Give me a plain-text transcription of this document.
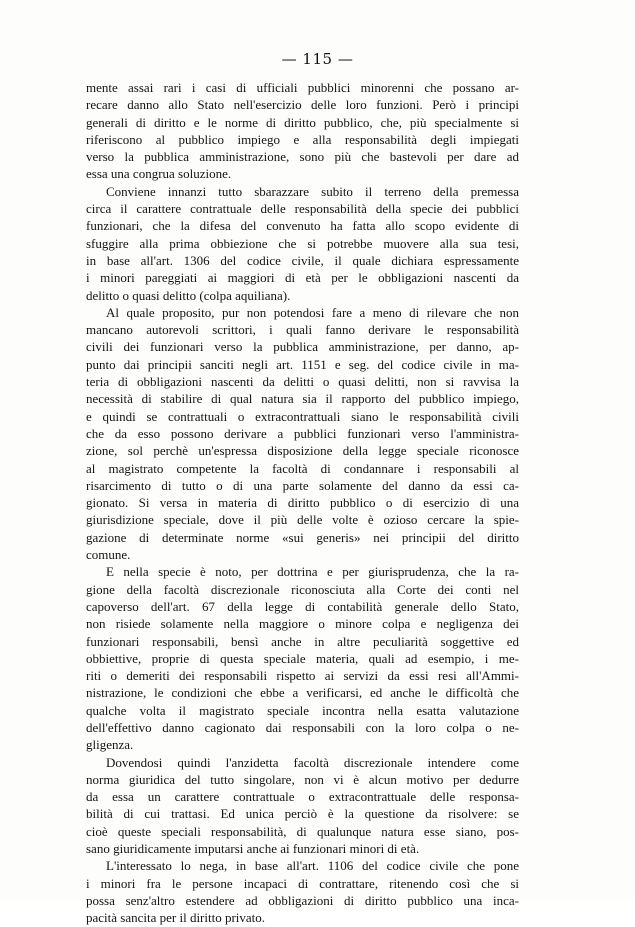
— 115 —
mente assai rari i casi di ufficiali pubblici minorenni che possano ar-
recare danno allo Stato nell'esercizio delle loro funzioni. Però i principi
generali di diritto e le norme di diritto pubblico, che, più specialmente si
riferiscono al pubblico impiego e alla responsabilità degli impiegati
verso la pubblica amministrazione, sono più che bastevoli per dare ad
essa una congrua soluzione.
Conviene innanzi tutto sbarazzare subito il terreno della premessa
circa il carattere contrattuale delle responsabilità della specie dei pubblici
funzionari, che la difesa del convenuto ha fatta allo scopo evidente di
sfuggire alla prima obbiezione che si potrebbe muovere alla sua tesi,
in base all'art. 1306 del codice civile, il quale dichiara espressamente
i minori pareggiati ai maggiori di età per le obbligazioni nascenti da
delitto o quasi delitto (colpa aquiliana).
Al quale proposito, pur non potendosi fare a meno di rilevare che non
mancano autorevoli scrittori, i quali fanno derivare le responsabilità
civili dei funzionari verso la pubblica amministrazione, per danno, ap-
punto dai principii sanciti negli art. 1151 e seg. del codice civile in ma-
teria di obbligazioni nascenti da delitti o quasi delitti, non si ravvisa la
necessità di stabilire di qual natura sia il rapporto del pubblico impiego,
e quindi se contrattuali o extracontrattuali siano le responsabilità civili
che da esso possono derivare a pubblici funzionari verso l'amministra-
zione, sol perchè un'espressa disposizione della legge speciale riconosce
al magistrato competente la facoltà di condannare i responsabili al
risarcimento di tutto o di una parte solamente del danno da essi ca-
gionato. Si versa in materia di diritto pubblico o di esercizio di una
giurisdizione speciale, dove il più delle volte è ozioso cercare la spie-
gazione di determinate norme «sui generis» nei principii del diritto
comune.
E nella specie è noto, per dottrina e per giurisprudenza, che la ra-
gione della facoltà discrezionale riconosciuta alla Corte dei conti nel
capoverso dell'art. 67 della legge di contabilità generale dello Stato,
non risiede solamente nella maggiore o minore colpa e negligenza dei
funzionari responsabili, bensì anche in altre peculiarità soggettive ed
obbiettive, proprie di questa speciale materia, quali ad esempio, i me-
riti o demeriti dei responsabili rispetto ai servizi da essi resi all'Ammi-
nistrazione, le condizioni che ebbe a verificarsi, ed anche le difficoltà che
qualche volta il magistrato speciale incontra nella esatta valutazione
dell'effettivo danno cagionato dai responsabili con la loro colpa o ne-
gligenza.
Dovendosi quindi l'anzidetta facoltà discrezionale intendere come
norma giuridica del tutto singolare, non vi è alcun motivo per dedurre
da essa un carattere contrattuale o extracontrattuale delle responsa-
bilità di cui trattasi. Ed unica perciò è la questione da risolvere: se
cioè queste speciali responsabilità, di qualunque natura esse siano, pos-
sano giuridicamente imputarsi anche ai funzionari minori di età.
L'interessato lo nega, in base all'art. 1106 del codice civile che pone
i minori fra le persone incapaci di contrattare, ritenendo così che si
possa senz'altro estendere ad obbligazioni di diritto pubblico una inca-
pacità sancita per il diritto privato.
